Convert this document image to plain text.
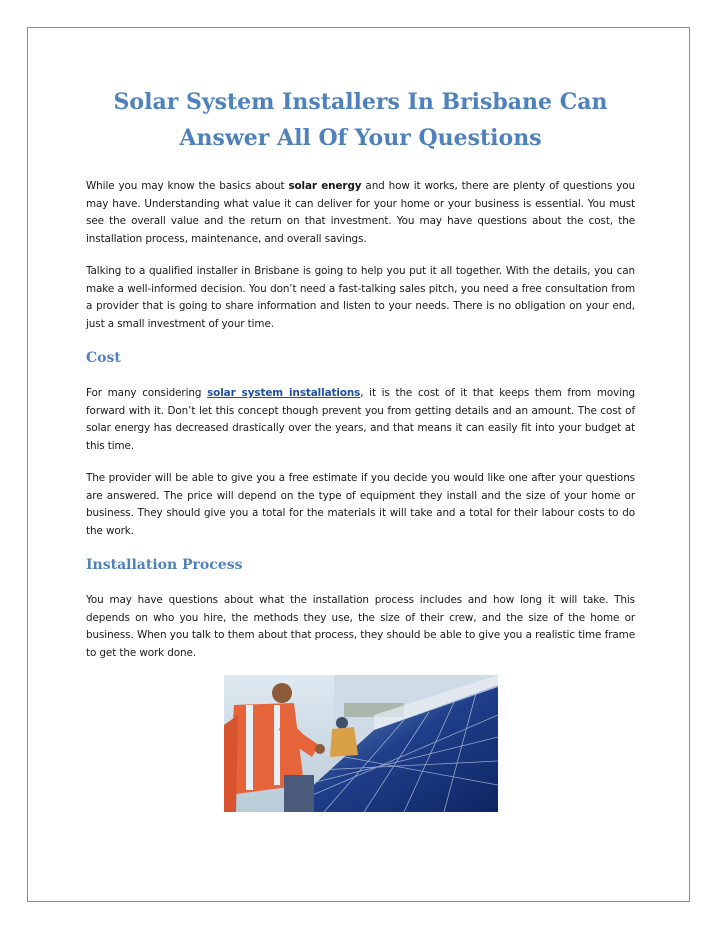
Solar System Installers In Brisbane Can Answer All Of Your Questions

While you may know the basics about solar energy and how it works, there are plenty of questions you may have. Understanding what value it can deliver for your home or your business is essential. You must see the overall value and the return on that investment. You may have questions about the cost, the installation process, maintenance, and overall savings.

Talking to a qualified installer in Brisbane is going to help you put it all together. With the details, you can make a well-informed decision. You don’t need a fast-talking sales pitch, you need a free consultation from a provider that is going to share information and listen to your needs. There is no obligation on your end, just a small investment of your time.

Cost

For many considering solar system installations, it is the cost of it that keeps them from moving forward with it. Don’t let this concept though prevent you from getting details and an amount. The cost of solar energy has decreased drastically over the years, and that means it can easily fit into your budget at this time.

The provider will be able to give you a free estimate if you decide you would like one after your questions are answered. The price will depend on the type of equipment they install and the size of your home or business. They should give you a total for the materials it will take and a total for their labour costs to do the work.

Installation Process

You may have questions about what the installation process includes and how long it will take. This depends on who you hire, the methods they use, the size of their crew, and the size of the home or business. When you talk to them about that process, they should be able to give you a realistic time frame to get the work done.
